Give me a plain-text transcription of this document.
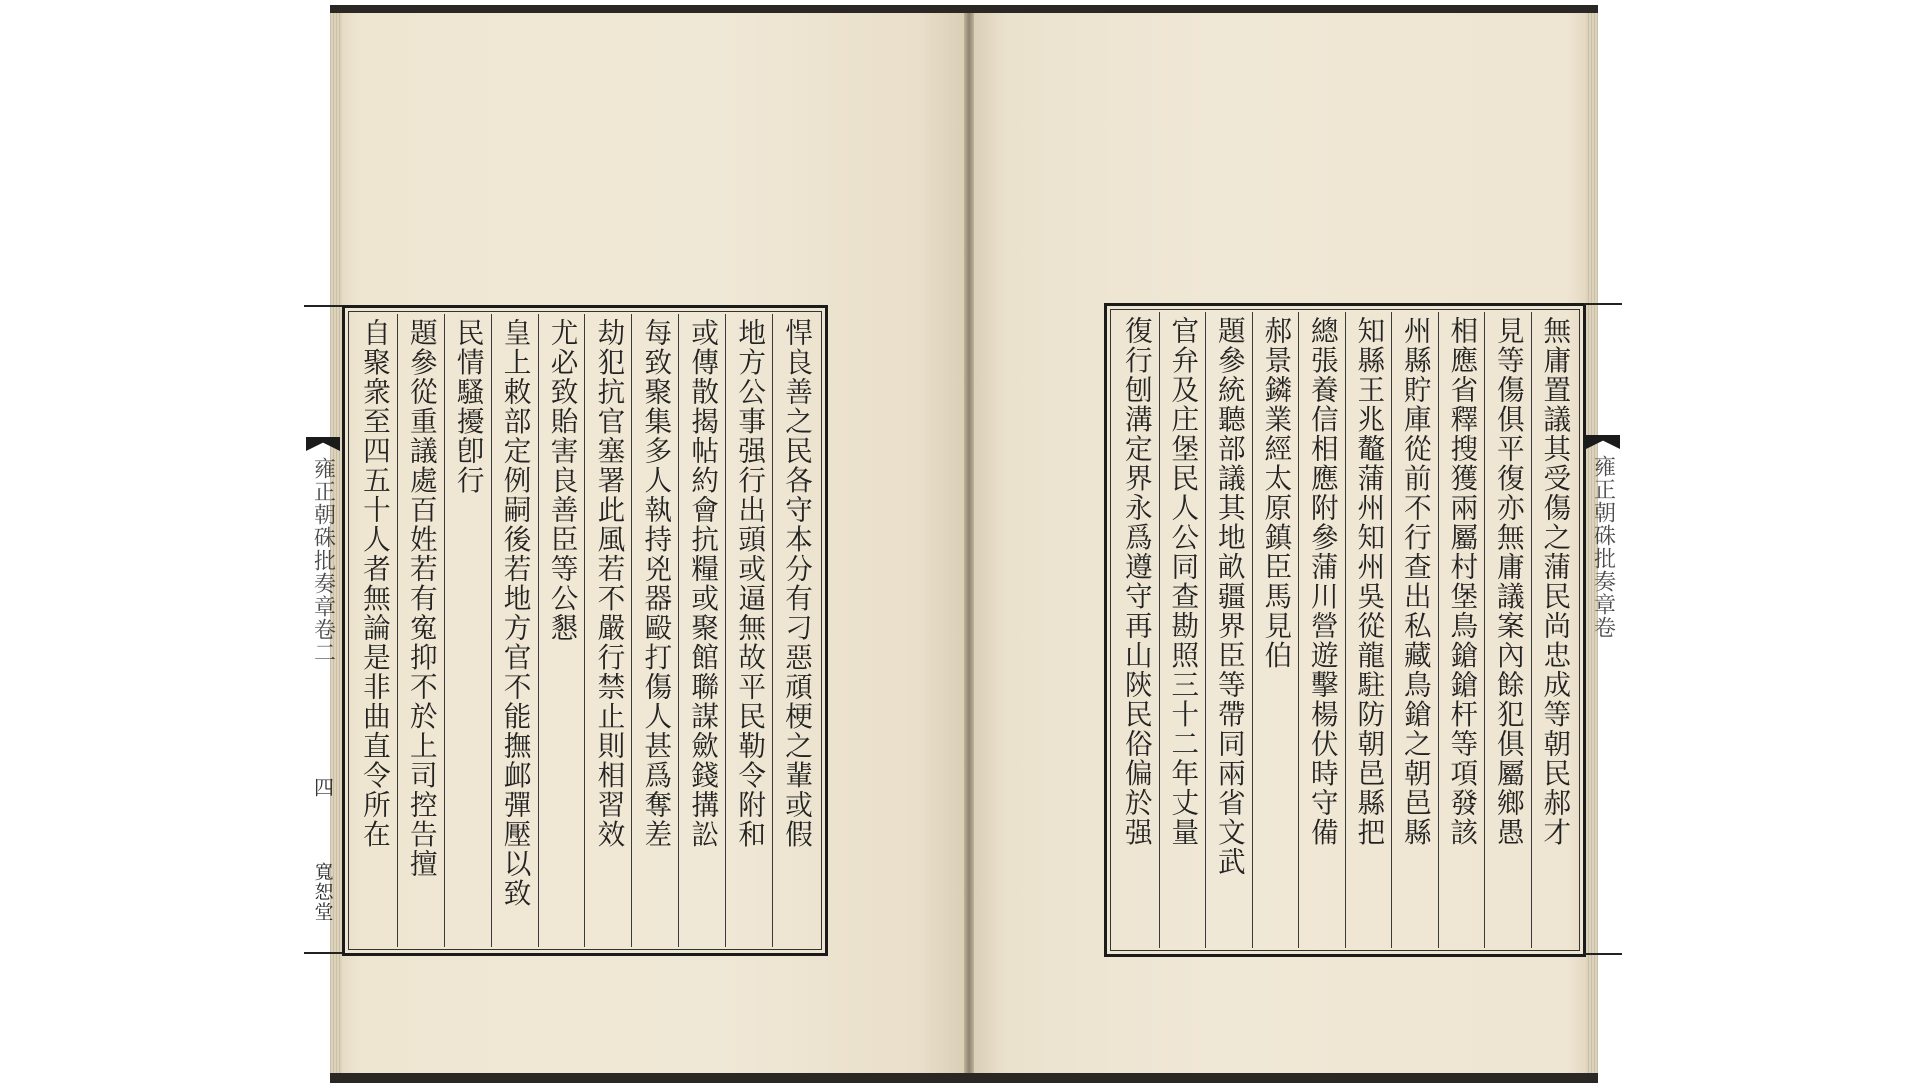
雍正朝硃批奏章卷二
四
寬恕堂
悍良善之民各守本分有刁惡頑梗之輩或假
地方公事强行出頭或逼無故平民勒令附和
或傳散揭帖約會抗糧或聚館聯謀歛錢搆訟
每致聚集多人執持兇器毆打傷人甚爲奪差
劫犯抗官塞署此風若不嚴行禁止則相習效
尤必致貽害良善臣等公懇
皇上敕部定例嗣後若地方官不能撫䘏彈壓以致
民情騷擾卽行
題參從重議處百姓若有寃抑不於上司控告擅
自聚衆至四五十人者無論是非曲直令所在	無庸置議其受傷之蒲民尚忠成等朝民郝才
見等傷俱平復亦無庸議案內餘犯俱屬鄉愚
相應省釋搜獲兩屬村堡鳥鎗鎗杆等項發該
州縣貯庫從前不行查出私藏鳥鎗之朝邑縣
知縣王兆鼇蒲州知州吳從龍駐防朝邑縣把
總張養信相應附參蒲川營遊擊楊伏時守備
郝景鏻業經太原鎮臣馬見伯
題參統聽部議其地畝疆界臣等帶同兩省文武
官弁及庄堡民人公同查勘照三十二年丈量
復行刨溝定界永爲遵守再山陝民俗偏於强	雍正朝硃批奏章卷
